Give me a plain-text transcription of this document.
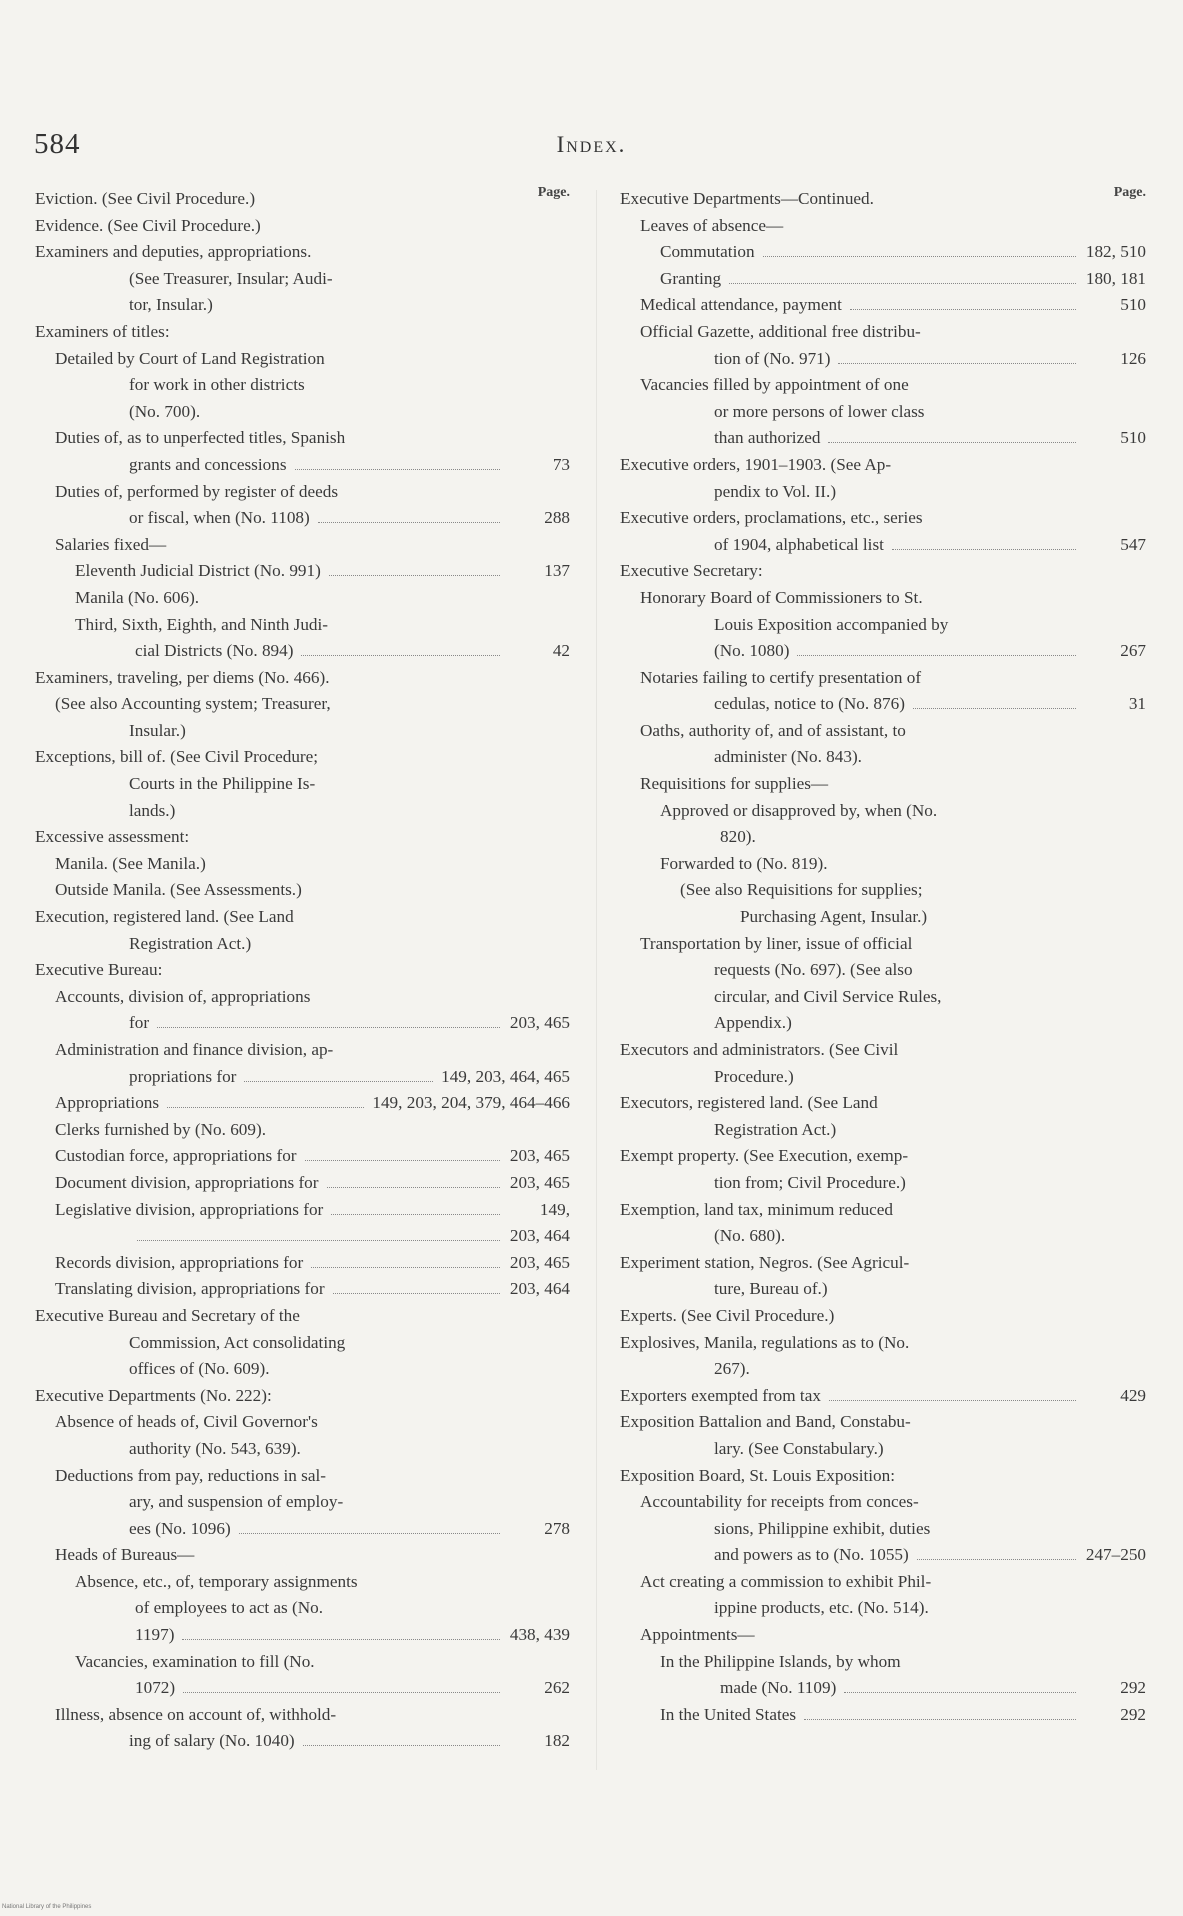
584	Index.
Page.
Eviction. (See Civil Procedure.)
Evidence. (See Civil Procedure.)
Examiners and deputies, appropriations.
(See Treasurer, Insular; Audi-
tor, Insular.)
Examiners of titles:
Detailed by Court of Land Registration
for work in other districts
(No. 700).
Duties of, as to unperfected titles, Spanish
grants and concessions	73
Duties of, performed by register of deeds
or fiscal, when (No. 1108)	288
Salaries fixed—
Eleventh Judicial District (No. 991)	137
Manila (No. 606).
Third, Sixth, Eighth, and Ninth Judi-
cial Districts (No. 894)	42
Examiners, traveling, per diems (No. 466).
(See also Accounting system; Treasurer,
Insular.)
Exceptions, bill of. (See Civil Procedure;
Courts in the Philippine Is-
lands.)
Excessive assessment:
Manila. (See Manila.)
Outside Manila. (See Assessments.)
Execution, registered land. (See Land
Registration Act.)
Executive Bureau:
Accounts, division of, appropriations
for	203, 465
Administration and finance division, ap-
propriations for	149, 203, 464, 465
Appropriations	149, 203, 204, 379, 464–466
Clerks furnished by (No. 609).
Custodian force, appropriations for	203, 465
Document division, appropriations for	203, 465
Legislative division, appropriations for	149,
203, 464
Records division, appropriations for	203, 465
Translating division, appropriations for	203, 464
Executive Bureau and Secretary of the
Commission, Act consolidating
offices of (No. 609).
Executive Departments (No. 222):
Absence of heads of, Civil Governor's
authority (No. 543, 639).
Deductions from pay, reductions in sal-
ary, and suspension of employ-
ees (No. 1096)	278
Heads of Bureaus—
Absence, etc., of, temporary assignments
of employees to act as (No.
1197)	438, 439
Vacancies, examination to fill (No.
1072)	262
Illness, absence on account of, withhold-
ing of salary (No. 1040)	182
Page.
Executive Departments—Continued.
Leaves of absence—
Commutation	182, 510
Granting	180, 181
Medical attendance, payment	510
Official Gazette, additional free distribu-
tion of (No. 971)	126
Vacancies filled by appointment of one
or more persons of lower class
than authorized	510
Executive orders, 1901–1903. (See Ap-
pendix to Vol. II.)
Executive orders, proclamations, etc., series
of 1904, alphabetical list	547
Executive Secretary:
Honorary Board of Commissioners to St.
Louis Exposition accompanied by
(No. 1080)	267
Notaries failing to certify presentation of
cedulas, notice to (No. 876)	31
Oaths, authority of, and of assistant, to
administer (No. 843).
Requisitions for supplies—
Approved or disapproved by, when (No.
820).
Forwarded to (No. 819).
(See also Requisitions for supplies;
Purchasing Agent, Insular.)
Transportation by liner, issue of official
requests (No. 697). (See also
circular, and Civil Service Rules,
Appendix.)
Executors and administrators. (See Civil
Procedure.)
Executors, registered land. (See Land
Registration Act.)
Exempt property. (See Execution, exemp-
tion from; Civil Procedure.)
Exemption, land tax, minimum reduced
(No. 680).
Experiment station, Negros. (See Agricul-
ture, Bureau of.)
Experts. (See Civil Procedure.)
Explosives, Manila, regulations as to (No.
267).
Exporters exempted from tax	429
Exposition Battalion and Band, Constabu-
lary. (See Constabulary.)
Exposition Board, St. Louis Exposition:
Accountability for receipts from conces-
sions, Philippine exhibit, duties
and powers as to (No. 1055)	247–250
Act creating a commission to exhibit Phil-
ippine products, etc. (No. 514).
Appointments—
In the Philippine Islands, by whom
made (No. 1109)	292
In the United States	292
National Library of the Philippines
